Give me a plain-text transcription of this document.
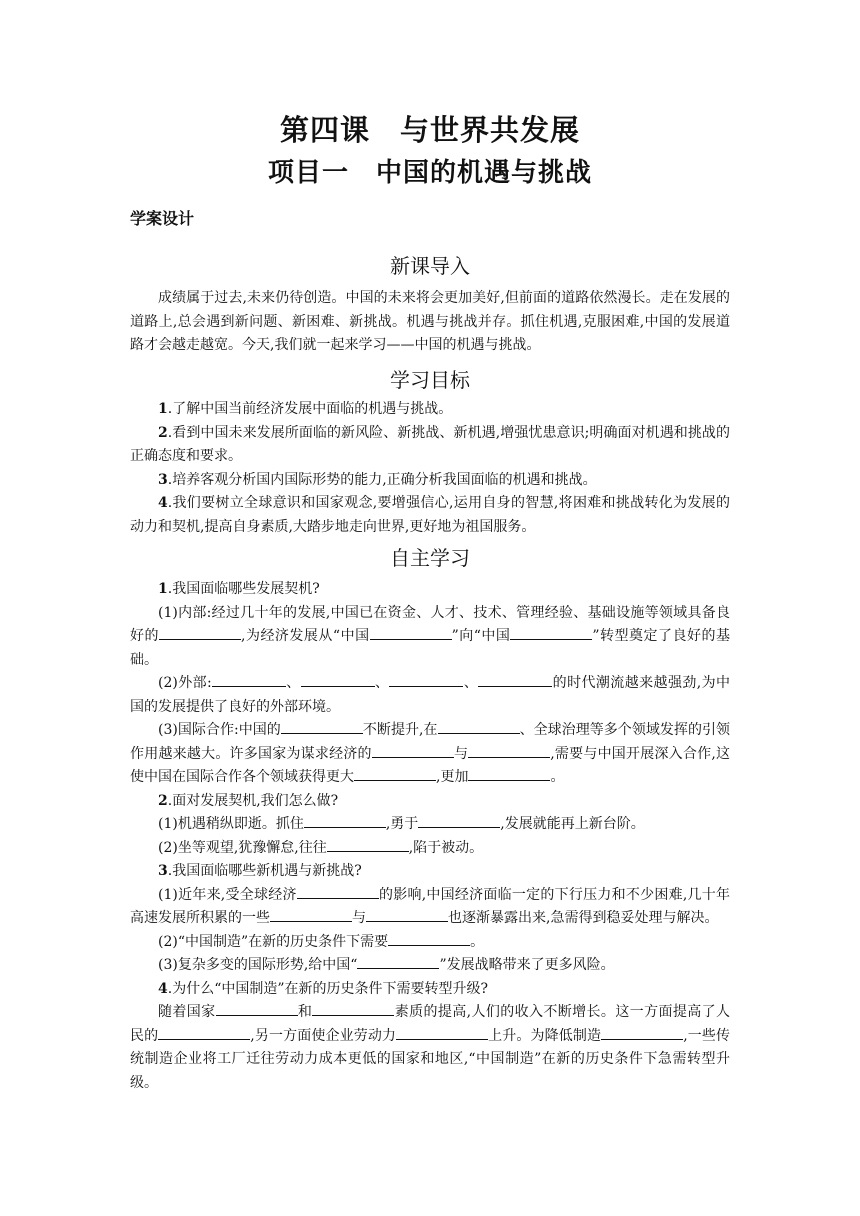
第四课　与世界共发展
项目一　中国的机遇与挑战
学案设计
新课导入

成绩属于过去,未来仍待创造。中国的未来将会更加美好,但前面的道路依然漫长。走在发展的道路上,总会遇到新问题、新困难、新挑战。机遇与挑战并存。抓住机遇,克服困难,中国的发展道路才会越走越宽。今天,我们就一起来学习——中国的机遇与挑战。

学习目标

1.了解中国当前经济发展中面临的机遇与挑战。

2.看到中国未来发展所面临的新风险、新挑战、新机遇,增强忧患意识;明确面对机遇和挑战的正确态度和要求。

3.培养客观分析国内国际形势的能力,正确分析我国面临的机遇和挑战。

4.我们要树立全球意识和国家观念,要增强信心,运用自身的智慧,将困难和挑战转化为发展的动力和契机,提高自身素质,大踏步地走向世界,更好地为祖国服务。

自主学习

1.我国面临哪些发展契机?

(1)内部:经过几十年的发展,中国已在资金、人才、技术、管理经验、基础设施等领域具备良好的	,为经济发展从“中国	”向“中国	”转型奠定了良好的基础。

(2)外部:	、	、	、	的时代潮流越来越强劲,为中国的发展提供了良好的外部环境。

(3)国际合作:中国的	不断提升,在	、全球治理等多个领域发挥的引领作用越来越大。许多国家为谋求经济的	与	,需要与中国开展深入合作,这使中国在国际合作各个领域获得更大	,更加	。

2.面对发展契机,我们怎么做?

(1)机遇稍纵即逝。抓住	,勇于	,发展就能再上新台阶。

(2)坐等观望,犹豫懈怠,往往	,陷于被动。

3.我国面临哪些新机遇与新挑战?

(1)近年来,受全球经济	的影响,中国经济面临一定的下行压力和不少困难,几十年高速发展所积累的一些	与	也逐渐暴露出来,急需得到稳妥处理与解决。

(2)“中国制造”在新的历史条件下需要	。

(3)复杂多变的国际形势,给中国“	”发展战略带来了更多风险。

4.为什么“中国制造”在新的历史条件下需要转型升级?

随着国家	和	素质的提高,人们的收入不断增长。这一方面提高了人民的	,另一方面使企业劳动力	上升。为降低制造	,一些传统制造企业将工厂迁往劳动力成本更低的国家和地区,“中国制造”在新的历史条件下急需转型升级。
